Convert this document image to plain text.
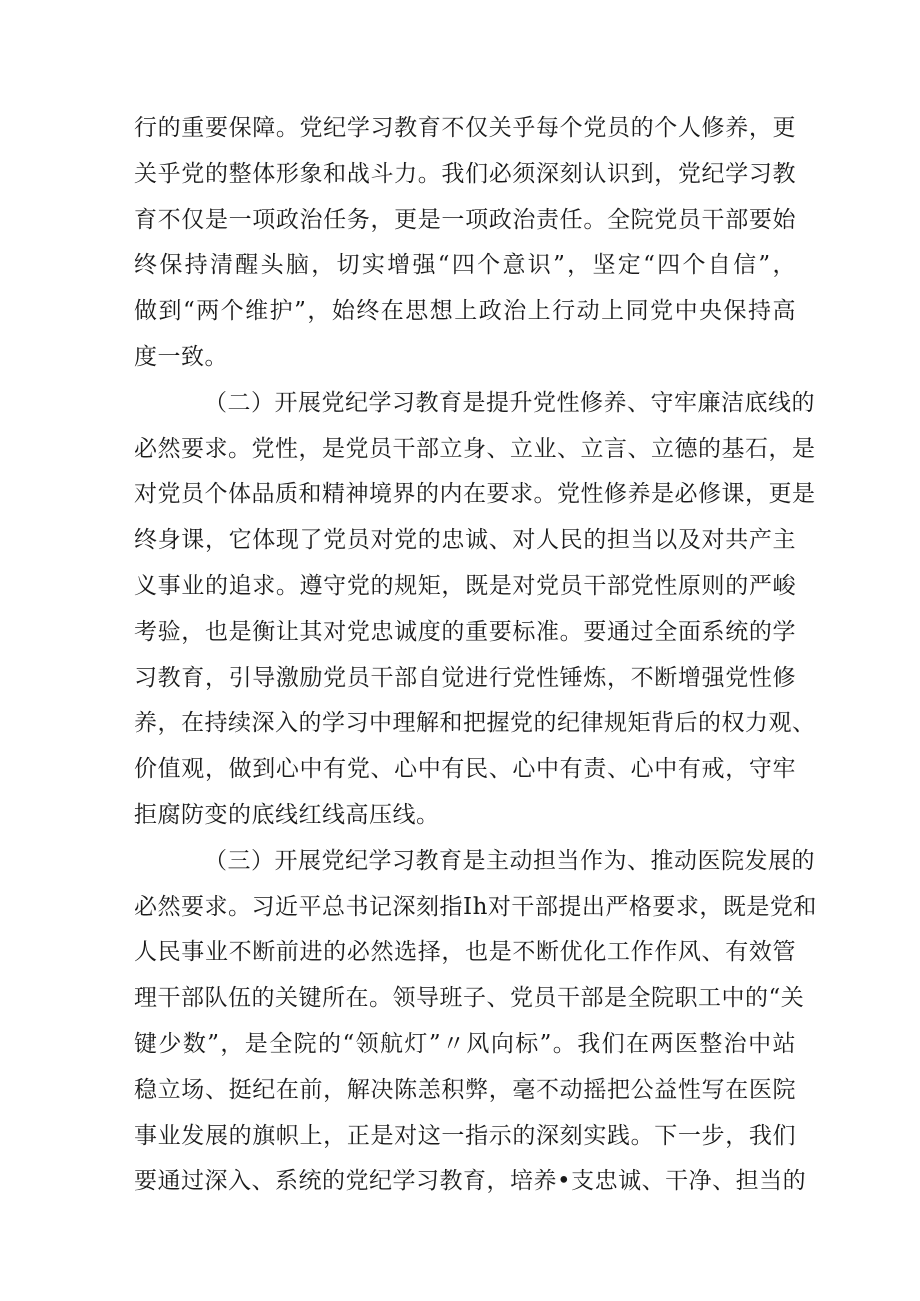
行的重要保障。党纪学习教育不仅关乎每个党员的个人修养，更
关乎党的整体形象和战斗力。我们必须深刻认识到，党纪学习教
育不仅是一项政治任务，更是一项政治责任。全院党员干部要始
终保持清醒头脑，切实增强“四个意识”，坚定“四个自信”，
做到“两个维护”，始终在思想上政治上行动上同党中央保持高
度一致。
（二）开展党纪学习教育是提升党性修养、守牢廉洁底线的
必然要求。党性，是党员干部立身、立业、立言、立德的基石，是
对党员个体品质和精神境界的内在要求。党性修养是必修课，更是
终身课，它体现了党员对党的忠诚、对人民的担当以及对共产主
义事业的追求。遵守党的规矩，既是对党员干部党性原则的严峻
考验，也是衡让其对党忠诚度的重要标准。要通过全面系统的学
习教育，引导激励党员干部自觉进行党性锤炼，不断增强党性修
养，在持续深入的学习中理解和把握党的纪律规矩背后的权力观、
价值观，做到心中有党、心中有民、心中有责、心中有戒，守牢
拒腐防变的底线红线高压线。
（三）开展党纪学习教育是主动担当作为、推动医院发展的
必然要求。习近平总书记深刻指Ih对干部提出严格要求，既是党和
人民事业不断前进的必然选择，也是不断优化工作作风、有效管
理干部队伍的关键所在。领导班子、党员干部是全院职工中的“关
键少数”，是全院的“领航灯”〃风向标”。我们在两医整治中站
稳立场、挺纪在前，解决陈恙积弊，毫不动摇把公益性写在医院
事业发展的旗帜上，正是对这一指示的深刻实践。下一步，我们
要通过深入、系统的党纪学习教育，培养•支忠诚、干净、担当的
